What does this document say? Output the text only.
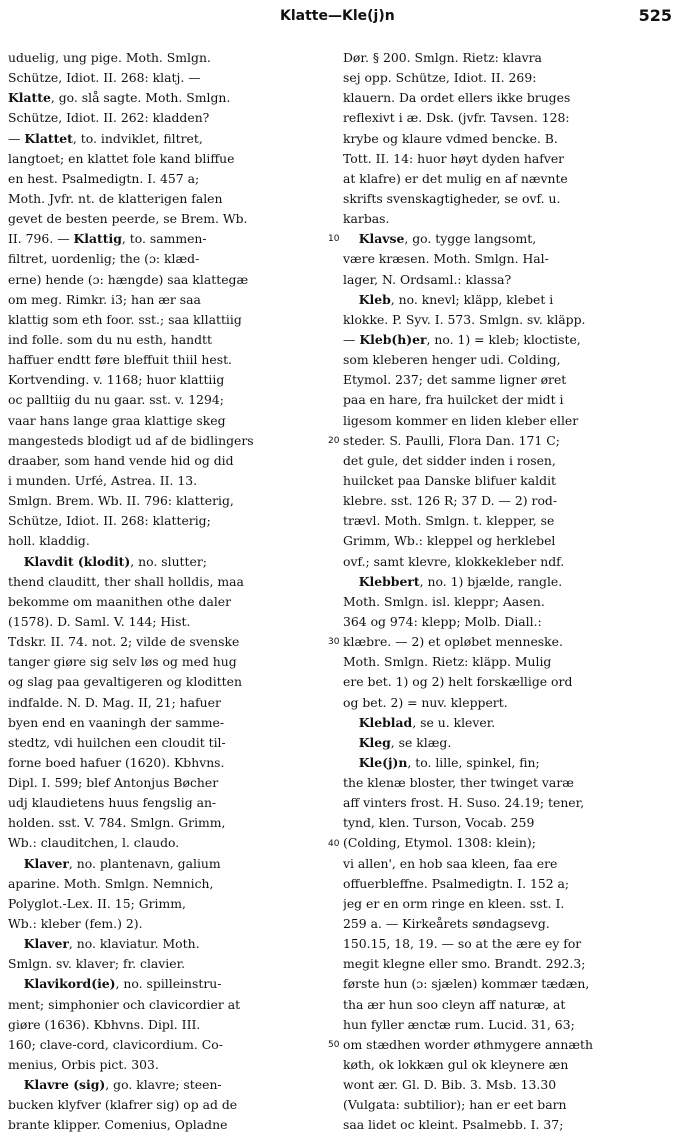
Klatte—Kle(j)n	525
uduelig, ung pige. Moth. Smlgn.
Schütze, Idiot. II. 268: klatj. —
Klatte, go. slå sagte. Moth. Smlgn.
Schütze, Idiot. II. 262: kladden?
— Klattet, to. indviklet, filtret,
langtoet; en klattet fole kand bliffue
en hest. Psalmedigtn. I. 457 a;
Moth. Jvfr. nt. de klatterigen falen
gevet de besten peerde, se Brem. Wb.
II. 796. — Klattig, to. sammen-
filtret, uordenlig; the (ɔ: klæd-
erne) hende (ɔ: hængde) saa klattegæ
om meg. Rimkr. i3; han ær saa
klattig som eth foor. sst.; saa kllattiig
ind folle. som du nu esth, handtt
haffuer endtt føre bleffuit thiil hest.
Kortvending. v. 1168; huor klattiig
oc palltiig du nu gaar. sst. v. 1294;
vaar hans lange graa klattige skeg
mangesteds blodigt ud af de bidlingers
draaber, som hand vende hid og did
i munden. Urfé, Astrea. II. 13.
Smlgn. Brem. Wb. II. 796: klatterig,
Schütze, Idiot. II. 268: klatterig;
holl. kladdig.
Klavdit (klodit), no. slutter;
thend clauditt, ther shall holldis, maa
bekomme om maanithen othe daler
(1578). D. Saml. V. 144; Hist.
Tdskr. II. 74. not. 2; vilde de svenske
tanger giøre sig selv løs og med hug
og slag paa gevaltigeren og kloditten
indfalde. N. D. Mag. II, 21; hafuer
byen end en vaaningh der samme-
stedtz, vdi huilchen een cloudit til-
forne boed hafuer (1620). Kbhvns.
Dipl. I. 599; blef Antonjus Bøcher
udj klaudietens huus fengslig an-
holden. sst. V. 784. Smlgn. Grimm,
Wb.: clauditchen, l. claudo.
Klaver, no. plantenavn, galium
aparine. Moth. Smlgn. Nemnich,
Polyglot.-Lex. II. 15; Grimm,
Wb.: kleber (fem.) 2).
Klaver, no. klaviatur. Moth.
Smlgn. sv. klaver; fr. clavier.
Klavikord(ie), no. spilleinstru-
ment; simphonier och clavicordier at
giøre (1636). Kbhvns. Dipl. III.
160; clave-cord, clavicordium. Co-
menius, Orbis pict. 303.
Klavre (sig), go. klavre; steen-
bucken klyfver (klafrer sig) op ad de
brante klipper. Comenius, Opladne
10
20
30
40
50
Dør. § 200. Smlgn. Rietz: klavra
sej opp. Schütze, Idiot. II. 269:
klauern. Da ordet ellers ikke bruges
reflexivt i æ. Dsk. (jvfr. Tavsen. 128:
krybe og klaure vdmed bencke. B.
Tott. II. 14: huor høyt dyden hafver
at klafre) er det mulig en af nævnte
skrifts svenskagtigheder, se ovf. u.
karbas.
Klavse, go. tygge langsomt,
være kræsen. Moth. Smlgn. Hal-
lager, N. Ordsaml.: klassa?
Kleb, no. knevl; kläpp, klebet i
klokke. P. Syv. I. 573. Smlgn. sv. kläpp.
— Kleb(h)er, no. 1) = kleb; kloctiste,
som kleberen henger udi. Colding,
Etymol. 237; det samme ligner øret
paa en hare, fra huilcket der midt i
ligesom kommer en liden kleber eller
steder. S. Paulli, Flora Dan. 171 C;
det gule, det sidder inden i rosen,
huilcket paa Danske blifuer kaldit
klebre. sst. 126 R; 37 D. — 2) rod-
trævl. Moth. Smlgn. t. klepper, se
Grimm, Wb.: kleppel og herklebel
ovf.; samt klevre, klokkekleber ndf.
Klebbert, no. 1) bjælde, rangle.
Moth. Smlgn. isl. kleppr; Aasen.
364 og 974: klepp; Molb. Diall.:
klæbre. — 2) et opløbet menneske.
Moth. Smlgn. Rietz: kläpp. Mulig
ere bet. 1) og 2) helt forskællige ord
og bet. 2) = nuv. kleppert.
Kleblad, se u. klever.
Kleg, se klæg.
Kle(j)n, to. lille, spinkel, fin;
the klenæ bloster, ther twinget varæ
aff vinters frost. H. Suso. 24.19; tener,
tynd, klen. Turson, Vocab. 259
(Colding, Etymol. 1308: klein);
vi allen', en hob saa kleen, faa ere
offuerbleffne. Psalmedigtn. I. 152 a;
jeg er en orm ringe en kleen. sst. I.
259 a. — Kirkeårets søndagsevg.
150.15, 18, 19. — so at the ære ey for
megit klegne eller smo. Brandt. 292.3;
første hun (ɔ: sjælen) kommær tædæn,
tha ær hun soo cleyn aff naturæ, at
hun fyller ænctæ rum. Lucid. 31, 63;
om stædhen worder øthmygere annæth
køth, ok lokkæn gul ok kleynere æn
wont ær. Gl. D. Bib. 3. Msb. 13.30
(Vulgata: subtilior); han er eet barn
saa lidet oc kleint. Psalmebb. I. 37;
